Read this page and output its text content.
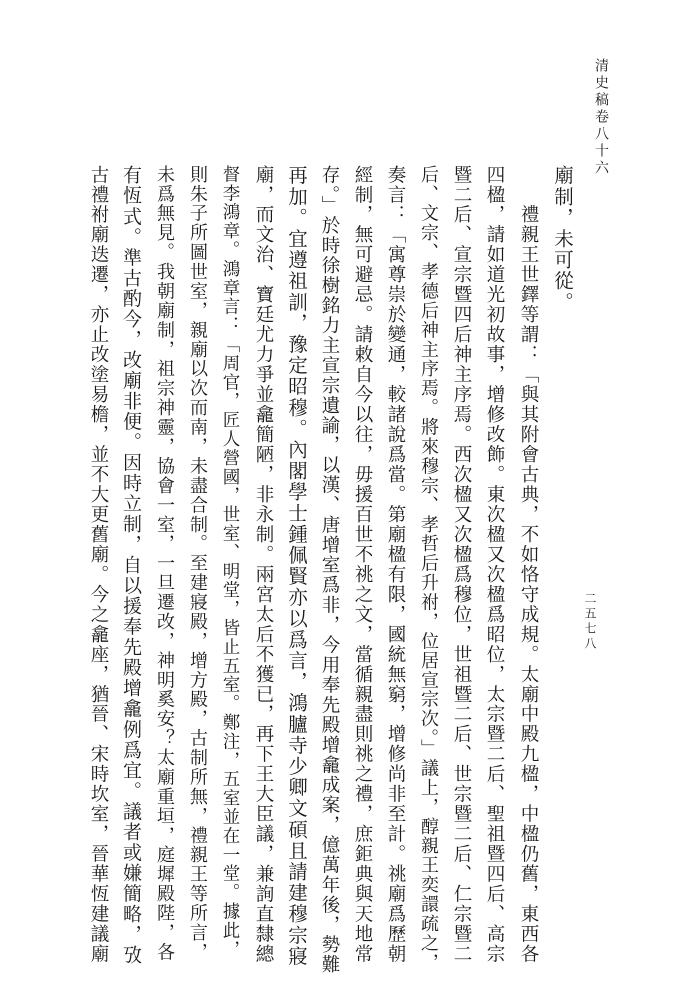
清史稿卷八十六
二五七八
廟制，未可從。
　　禮親王世鐸等謂：「與其附會古典，不如恪守成規。太廟中殿九楹，中楹仍舊，東西各
四楹，請如道光初故事，增修改飾。東次楹又次楹爲昭位，太宗暨二后、聖祖暨四后、高宗
暨二后、宣宗暨四后神主序焉。西次楹又次楹爲穆位，世祖暨二后、世宗暨二后、仁宗暨二
后、文宗、孝德后神主序焉。將來穆宗、孝哲后升祔，位居宣宗次。」議上，醇親王奕譞疏之，
奏言：「寓尊崇於變通，較諸說爲當。第廟楹有限，國統無窮，增修尚非至計。祧廟爲歷朝
經制，無可避忌。請敕自今以往，毋援百世不祧之文，當循親盡則祧之禮，庶鉅典與天地常
存。」於時徐樹銘力主宣宗遺諭，以漢、唐增室爲非，今用奉先殿增龕成案，億萬年後，勢難
再加。宜遵祖訓，豫定昭穆。內閣學士鍾佩賢亦以爲言，鴻臚寺少卿文碩且請建穆宗寢
廟，而文治、寶廷尤力爭並龕簡陋，非永制。兩宮太后不獲已，再下王大臣議，兼詢直隸總
督李鴻章。鴻章言：「周官，匠人營國，世室、明堂，皆止五室。鄭注，五室並在一堂。據此，
則朱子所圖世室，親廟以次而南，未盡合制。至建寢殿，增方殿，古制所無，禮親王等所言，
未爲無見。我朝廟制，祖宗神靈，協會一室，一旦遷改，神明奚安？太廟重垣，庭墀殿陛，各
有恆式。準古酌今，改廟非便。因時立制，自以援奉先殿增龕例爲宜。議者或嫌簡略，攷
古禮祔廟迭遷，亦止改塗易檐，並不大更舊廟。今之龕座，猶晉、宋時坎室，晉華恆建議廟
